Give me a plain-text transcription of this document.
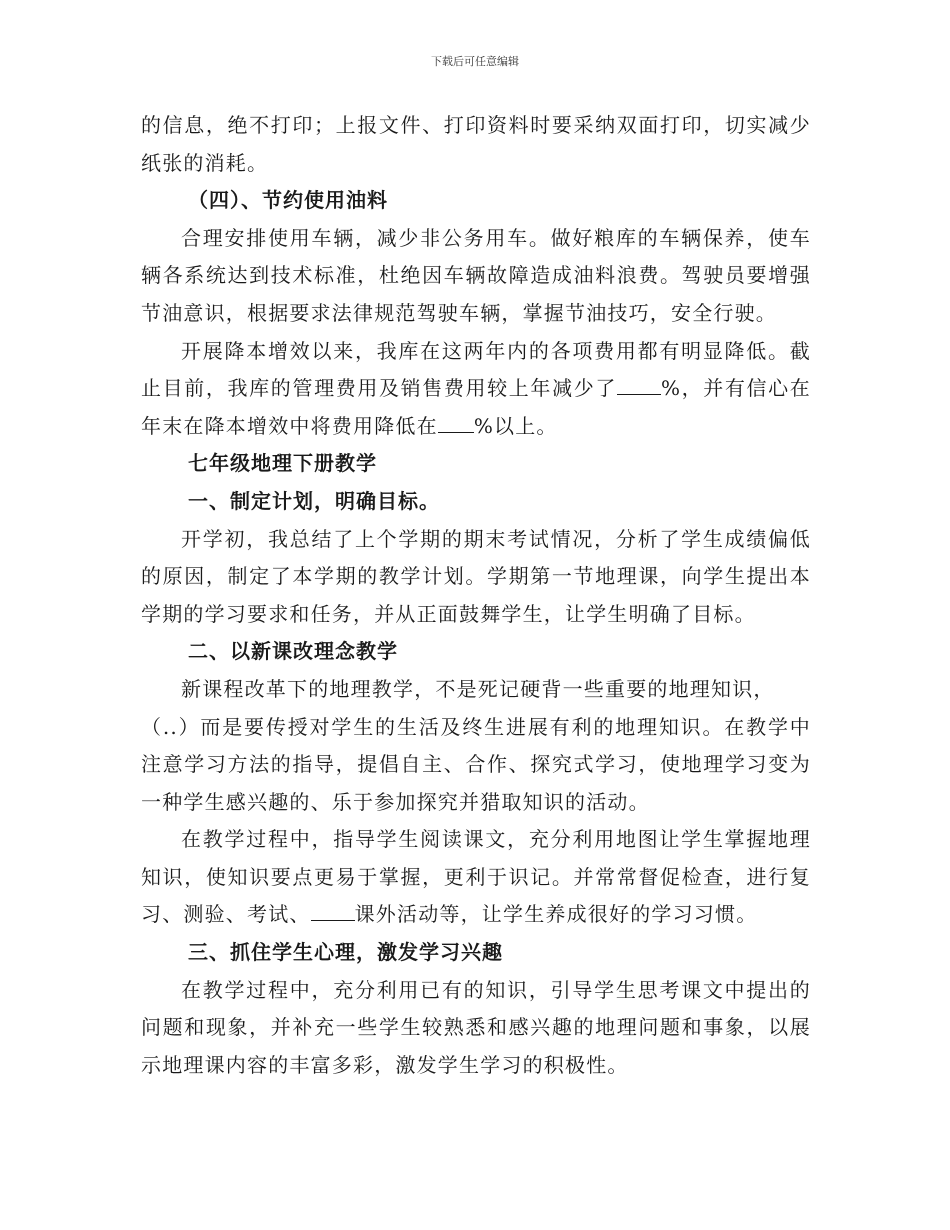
下载后可任意编辑

的信息，绝不打印；上报文件、打印资料时要采纳双面打印，切实减少纸张的消耗。

（四）、节约使用油料

合理安排使用车辆，减少非公务用车。做好粮库的车辆保养，使车辆各系统达到技术标准，杜绝因车辆故障造成油料浪费。驾驶员要增强节油意识，根据要求法律规范驾驶车辆，掌握节油技巧，安全行驶。

开展降本增效以来，我库在这两年内的各项费用都有明显降低。截止目前，我库的管理费用及销售费用较上年减少了 %，并有信心在年末在降本增效中将费用降低在 %以上。

七年级地理下册教学

一、制定计划，明确目标。

开学初，我总结了上个学期的期末考试情况，分析了学生成绩偏低的原因，制定了本学期的教学计划。学期第一节地理课，向学生提出本学期的学习要求和任务，并从正面鼓舞学生，让学生明确了目标。

二、以新课改理念教学

新课程改革下的地理教学，不是死记硬背一些重要的地理知识，

（..）而是要传授对学生的生活及终生进展有利的地理知识。在教学中注意学习方法的指导，提倡自主、合作、探究式学习，使地理学习变为一种学生感兴趣的、乐于参加探究并猎取知识的活动。

在教学过程中，指导学生阅读课文，充分利用地图让学生掌握地理知识，使知识要点更易于掌握，更利于识记。并常常督促检查，进行复习、测验、考试、 课外活动等，让学生养成很好的学习习惯。

三、抓住学生心理，激发学习兴趣

在教学过程中，充分利用已有的知识，引导学生思考课文中提出的问题和现象，并补充一些学生较熟悉和感兴趣的地理问题和事象，以展示地理课内容的丰富多彩，激发学生学习的积极性。
